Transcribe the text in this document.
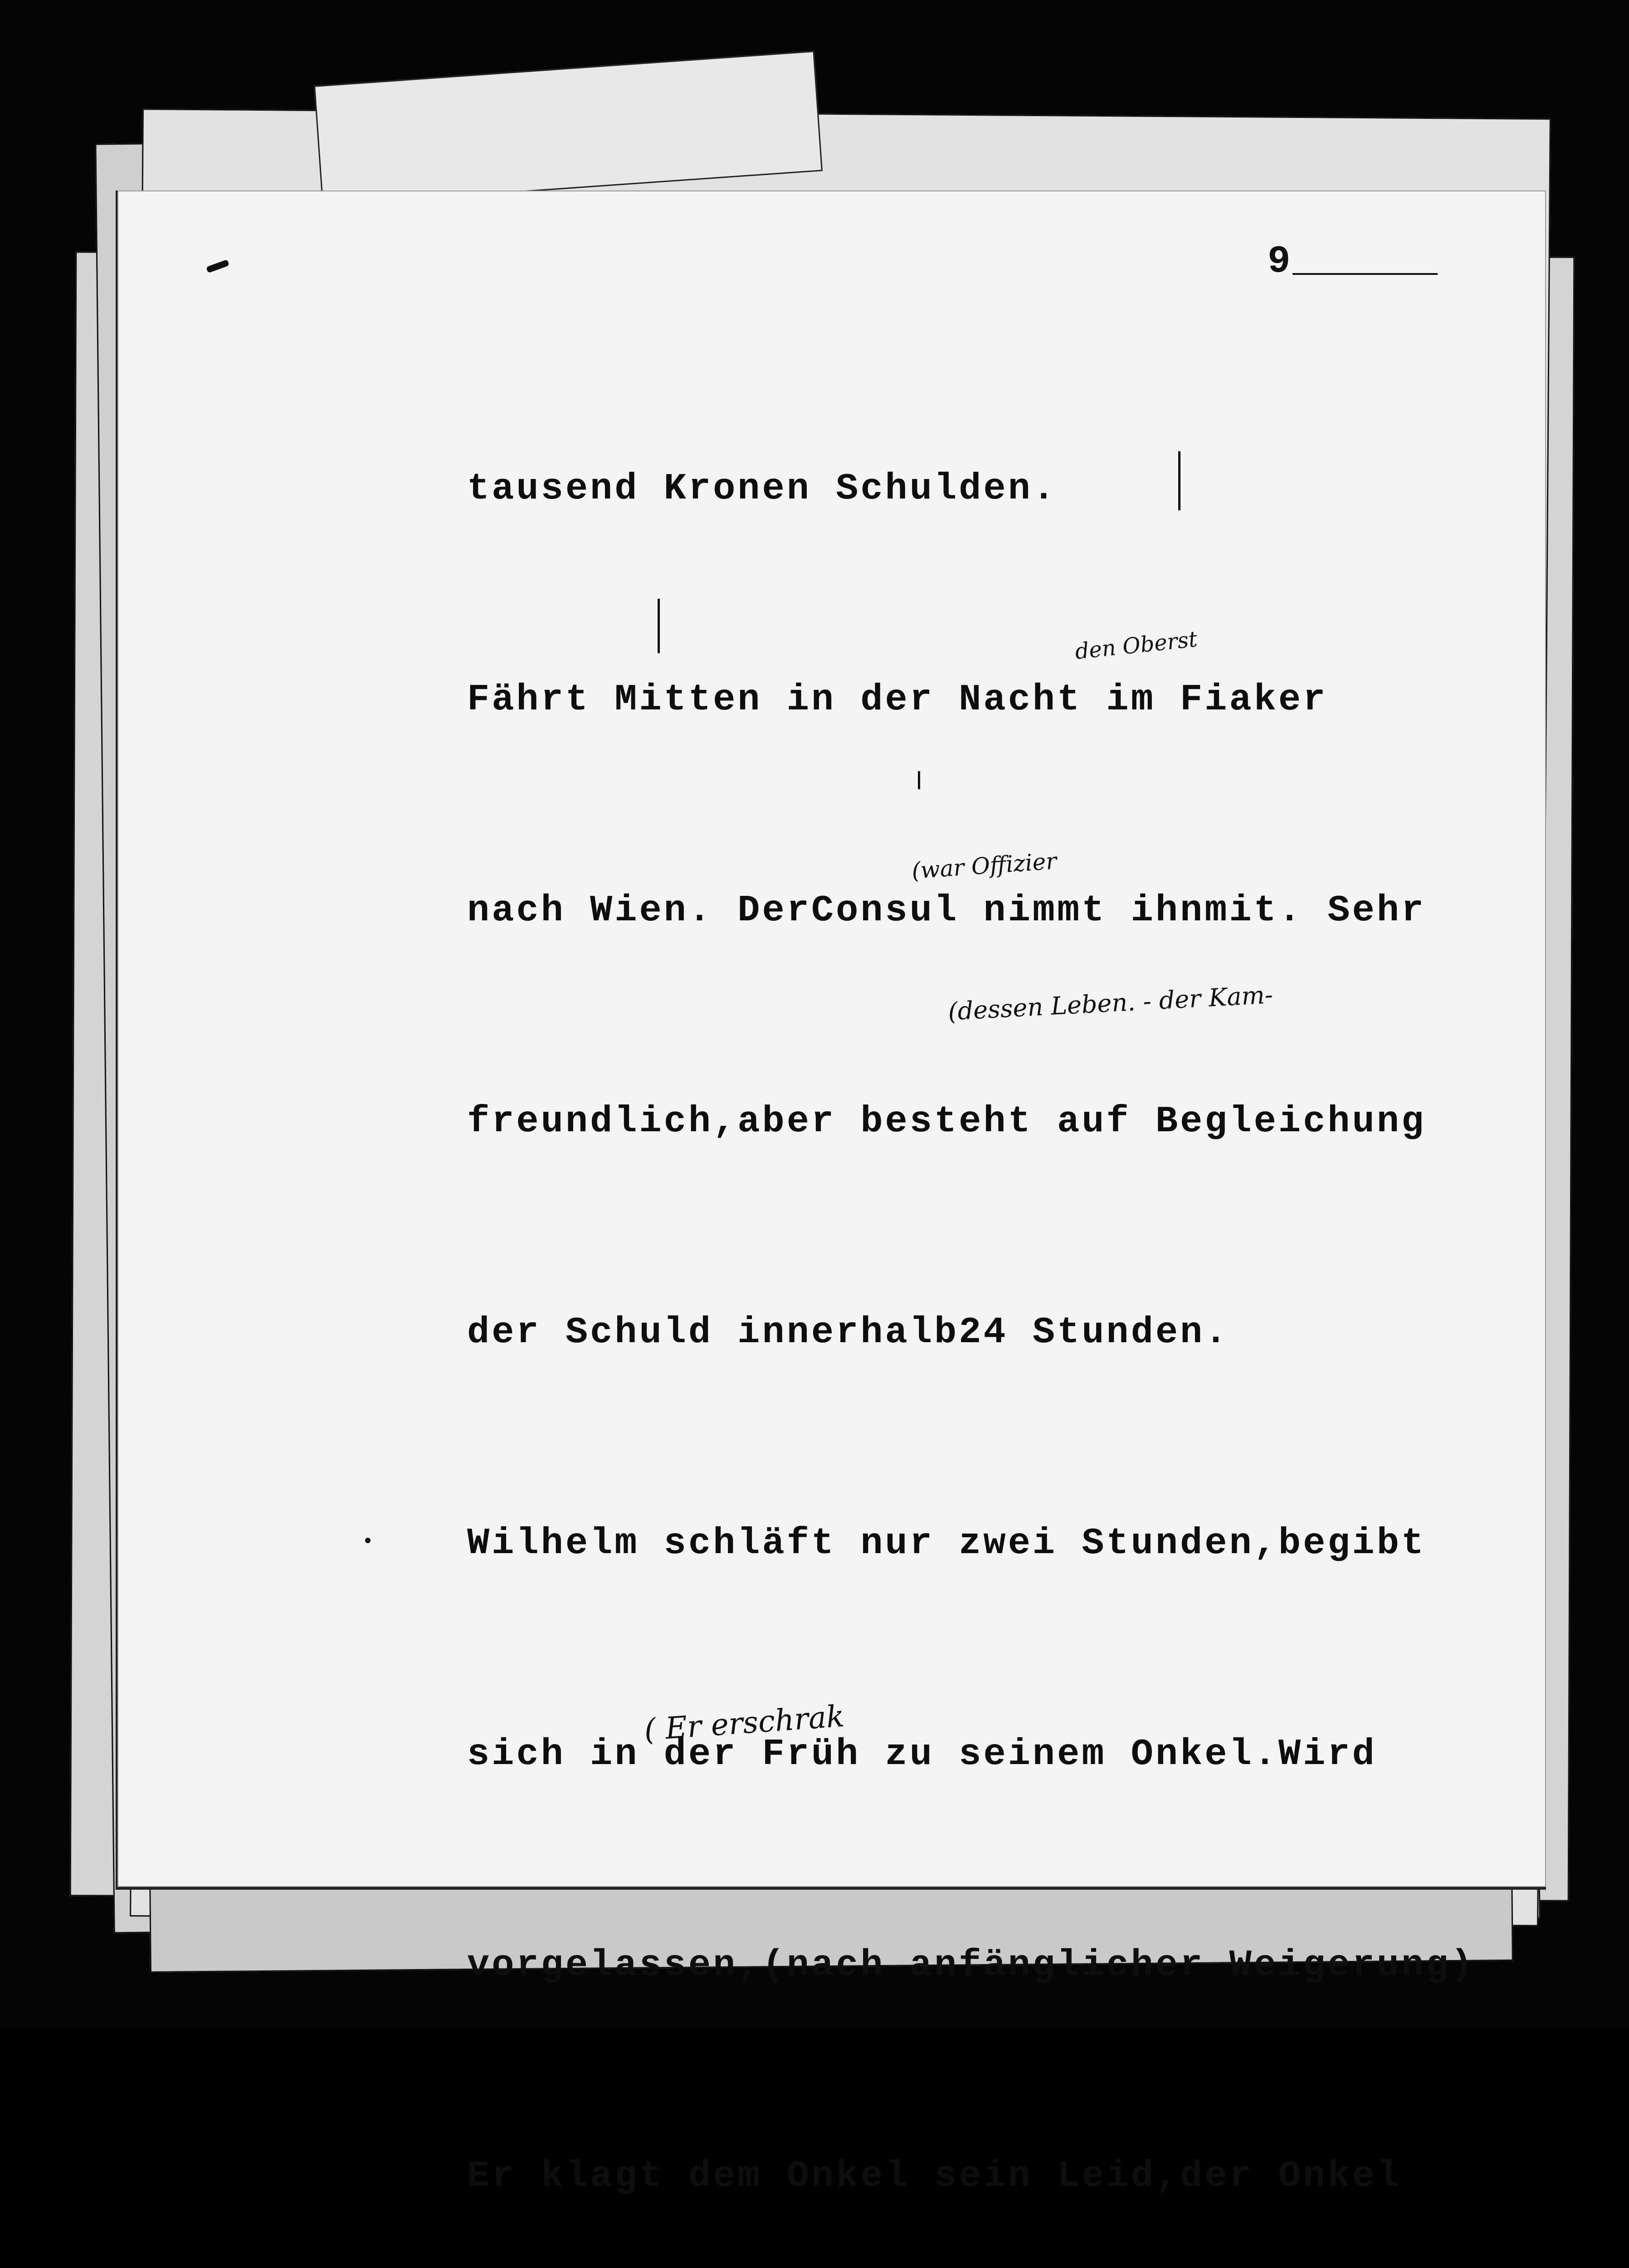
9

tausend Kronen Schulden.

Fährt Mitten in der Nacht im Fiaker

nach Wien. DerConsul nimmt ihnmit. Sehr

freundlich,aber besteht auf Begleichung

der Schuld innerhalb24 Stunden.

Wilhelm schläft nur zwei Stunden,begibt

sich in der Früh zu seinem Onkel.Wird

vorgelassen,(nach anfänglicher Weigerung)

Er klagt dem Onkel sein Leid,der Onkel

den Oberst
(war Offizier
(dessen Leben. - der Kam-
( Er erschrak
